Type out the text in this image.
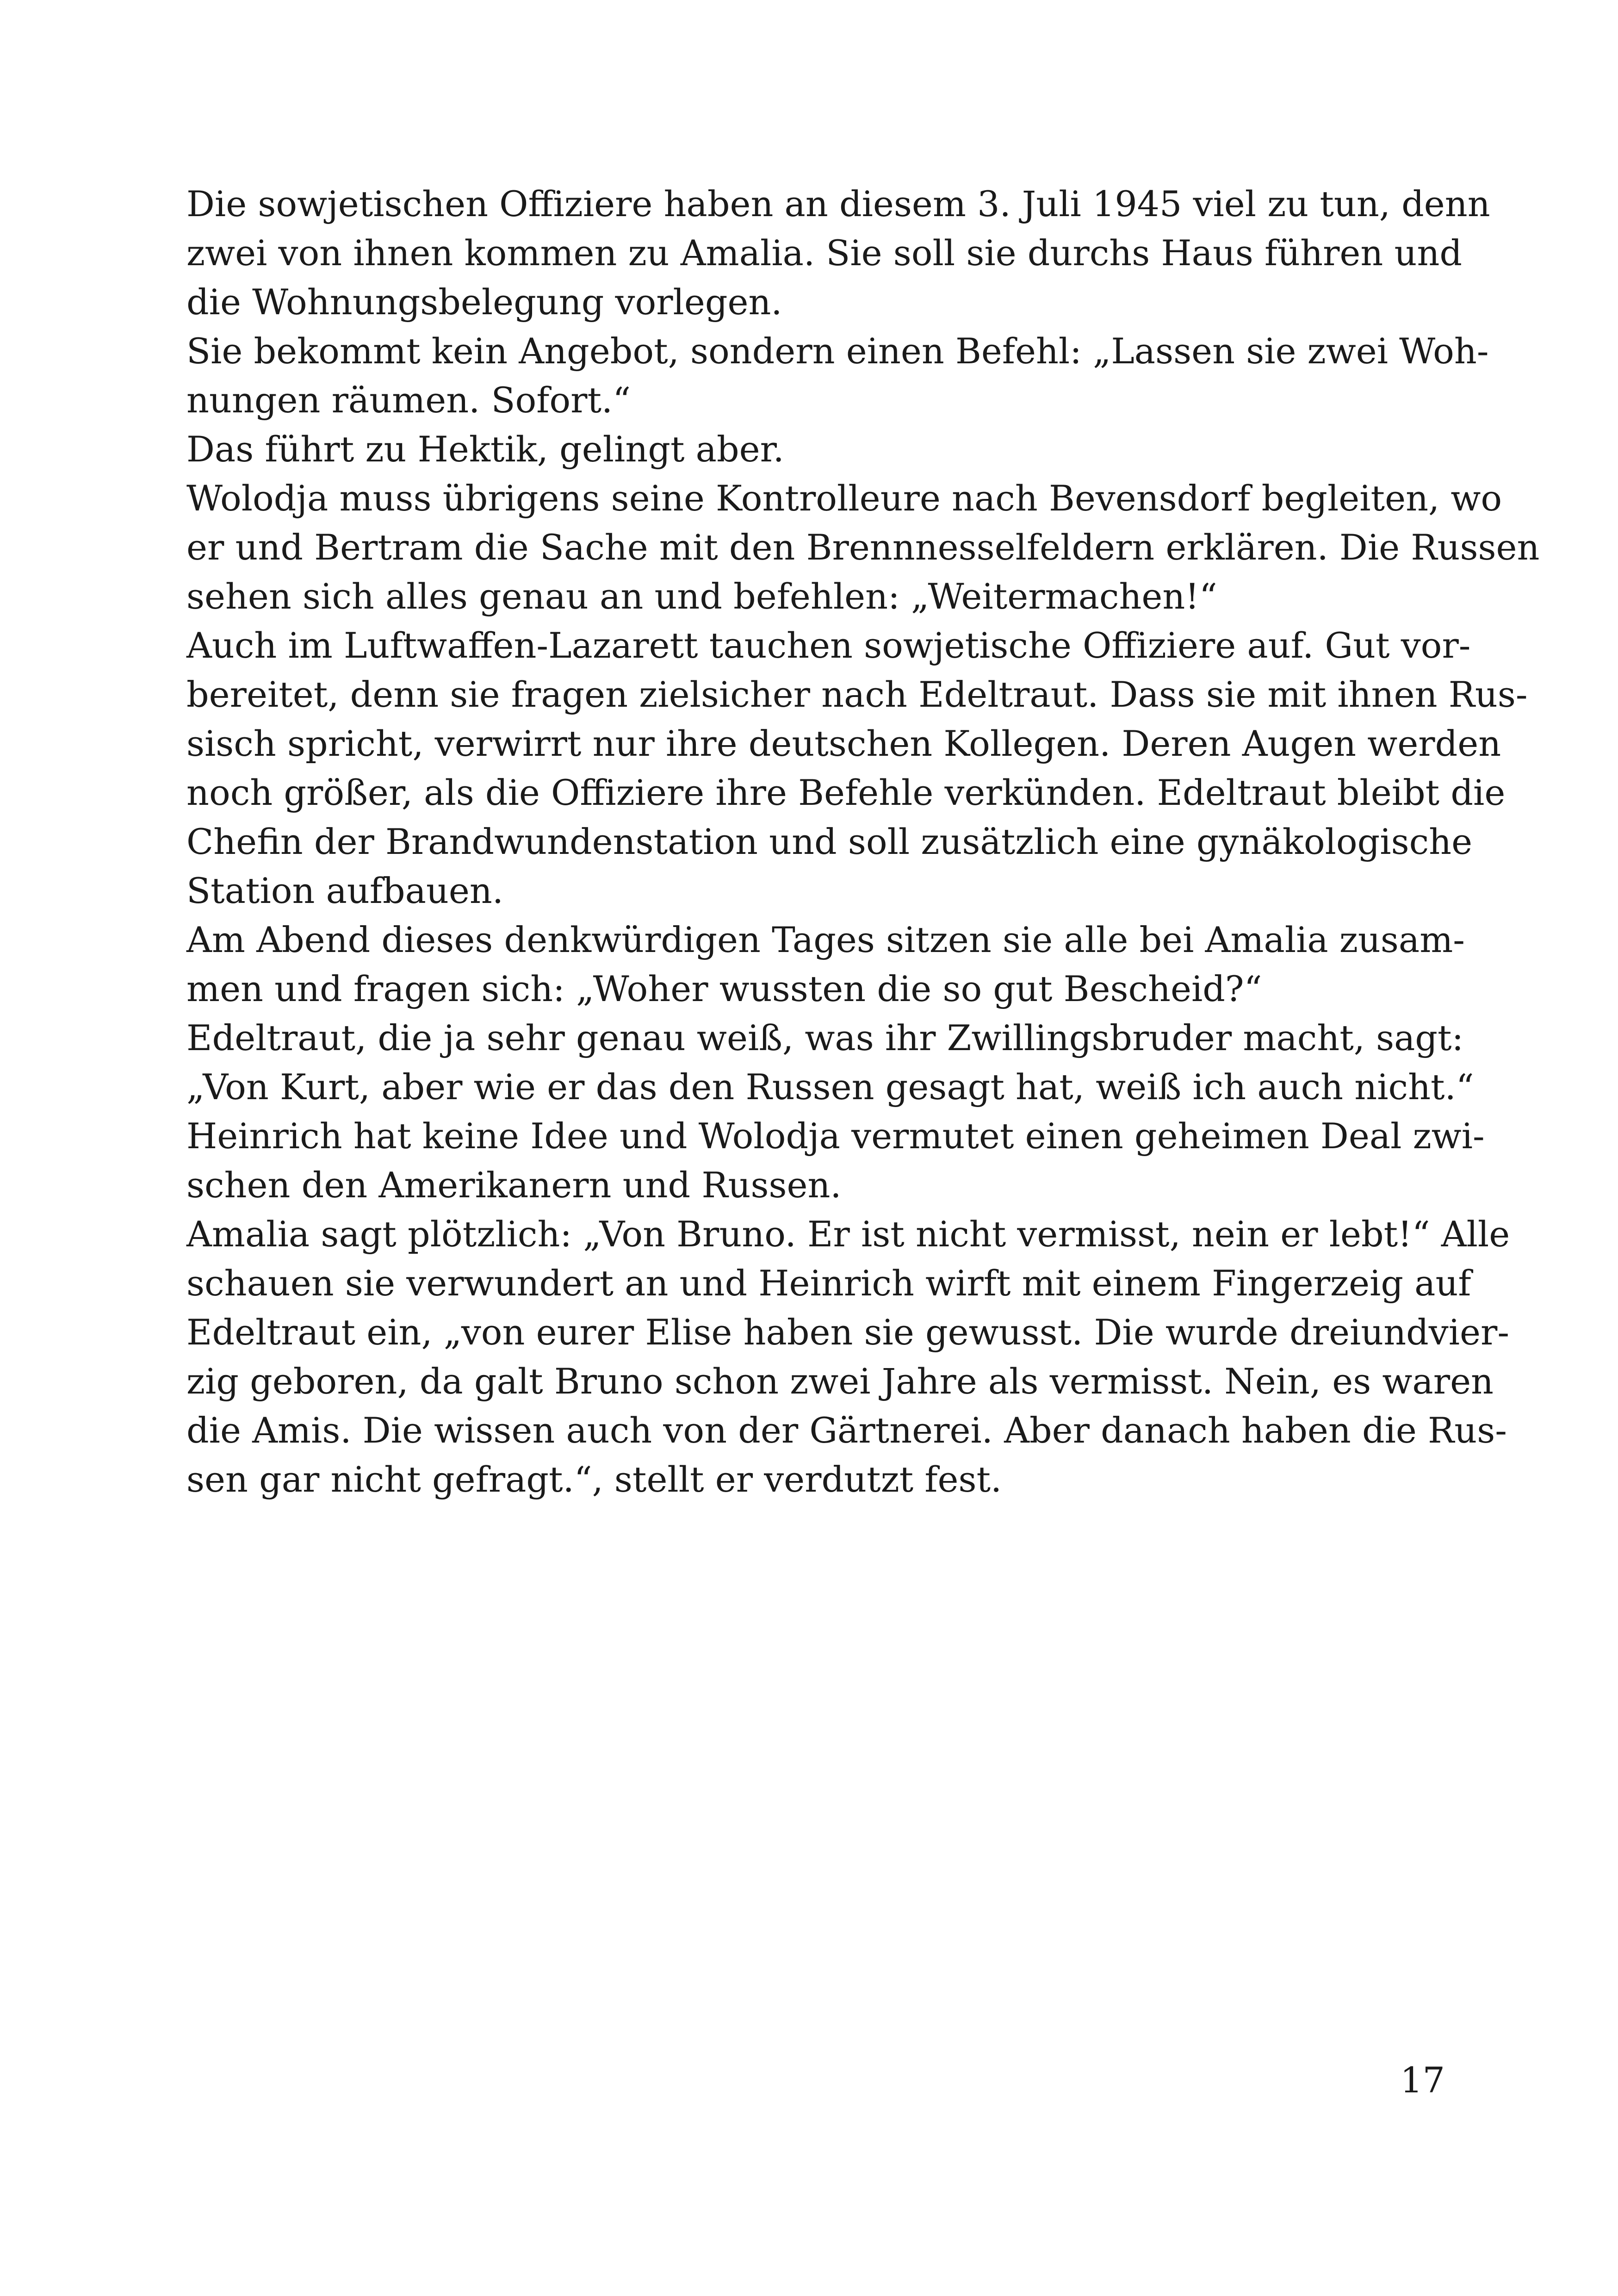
Die sowjetischen Offiziere haben an diesem 3. Juli 1945 viel zu tun, denn
zwei von ihnen kommen zu Amalia. Sie soll sie durchs Haus führen und
die Wohnungsbelegung vorlegen.
Sie bekommt kein Angebot, sondern einen Befehl: „Lassen sie zwei Woh-
nungen räumen. Sofort.“
Das führt zu Hektik, gelingt aber.
Wolodja muss übrigens seine Kontrolleure nach Bevensdorf begleiten, wo
er und Bertram die Sache mit den Brennnesselfeldern erklären. Die Russen
sehen sich alles genau an und befehlen: „Weitermachen!“
Auch im Luftwaffen-Lazarett tauchen sowjetische Offiziere auf. Gut vor-
bereitet, denn sie fragen zielsicher nach Edeltraut. Dass sie mit ihnen Rus-
sisch spricht, verwirrt nur ihre deutschen Kollegen. Deren Augen werden
noch größer, als die Offiziere ihre Befehle verkünden. Edeltraut bleibt die
Chefin der Brandwundenstation und soll zusätzlich eine gynäkologische
Station aufbauen.
Am Abend dieses denkwürdigen Tages sitzen sie alle bei Amalia zusam-
men und fragen sich: „Woher wussten die so gut Bescheid?“
Edeltraut, die ja sehr genau weiß, was ihr Zwillingsbruder macht, sagt:
„Von Kurt, aber wie er das den Russen gesagt hat, weiß ich auch nicht.“
Heinrich hat keine Idee und Wolodja vermutet einen geheimen Deal zwi-
schen den Amerikanern und Russen.
Amalia sagt plötzlich: „Von Bruno. Er ist nicht vermisst, nein er lebt!“ Alle
schauen sie verwundert an und Heinrich wirft mit einem Fingerzeig auf
Edeltraut ein, „von eurer Elise haben sie gewusst. Die wurde dreiundvier-
zig geboren, da galt Bruno schon zwei Jahre als vermisst. Nein, es waren
die Amis. Die wissen auch von der Gärtnerei. Aber danach haben die Rus-
sen gar nicht gefragt.“, stellt er verdutzt fest.
17
